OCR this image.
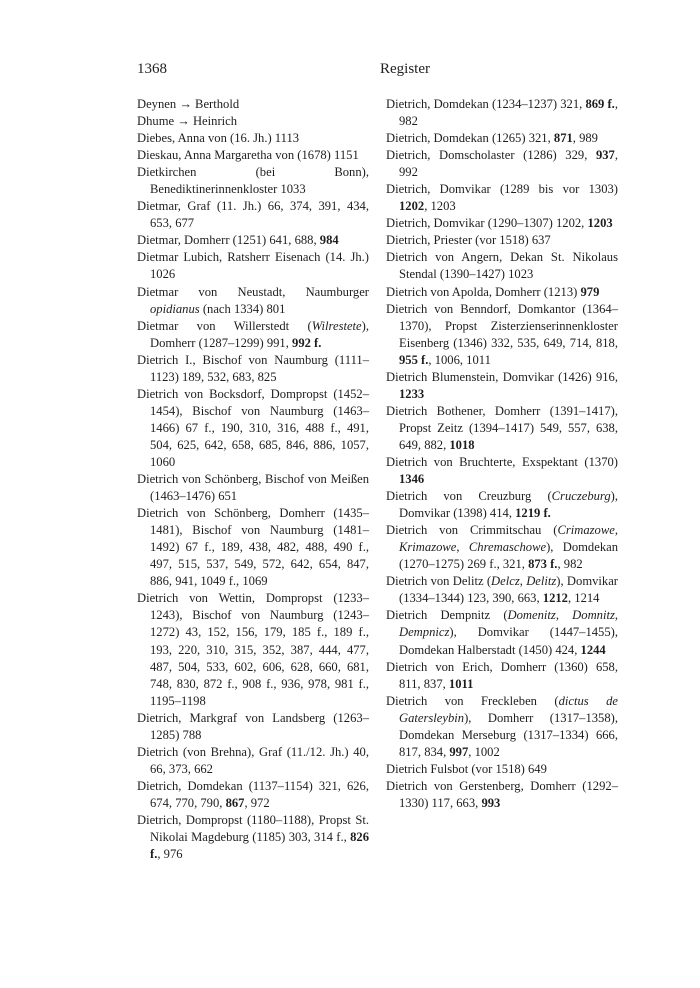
1368	Register

Deynen → Berthold

Dhume → Heinrich

Diebes, Anna von (16. Jh.) 1113

Dieskau, Anna Margaretha von (1678) 1151

Dietkirchen (bei Bonn), Benediktinerinnenkloster 1033

Dietmar, Graf (11. Jh.) 66, 374, 391, 434, 653, 677

Dietmar, Domherr (1251) 641, 688, 984

Dietmar Lubich, Ratsherr Eisenach (14. Jh.) 1026

Dietmar von Neustadt, Naumburger opidianus (nach 1334) 801

Dietmar von Willerstedt (Wilrestete), Domherr (1287–1299) 991, 992 f.

Dietrich I., Bischof von Naumburg (1111–1123) 189, 532, 683, 825

Dietrich von Bocksdorf, Dompropst (1452–1454), Bischof von Naumburg (1463–1466) 67 f., 190, 310, 316, 488 f., 491, 504, 625, 642, 658, 685, 846, 886, 1057, 1060

Dietrich von Schönberg, Bischof von Meißen (1463–1476) 651

Dietrich von Schönberg, Domherr (1435–1481), Bischof von Naumburg (1481–1492) 67 f., 189, 438, 482, 488, 490 f., 497, 515, 537, 549, 572, 642, 654, 847, 886, 941, 1049 f., 1069

Dietrich von Wettin, Dompropst (1233–1243), Bischof von Naumburg (1243–1272) 43, 152, 156, 179, 185 f., 189 f., 193, 220, 310, 315, 352, 387, 444, 477, 487, 504, 533, 602, 606, 628, 660, 681, 748, 830, 872 f., 908 f., 936, 978, 981 f., 1195–1198

Dietrich, Markgraf von Landsberg (1263–1285) 788

Dietrich (von Brehna), Graf (11./12. Jh.) 40, 66, 373, 662

Dietrich, Domdekan (1137–1154) 321, 626, 674, 770, 790, 867, 972

Dietrich, Dompropst (1180–1188), Propst St. Nikolai Magdeburg (1185) 303, 314 f., 826 f., 976

Dietrich, Domdekan (1234–1237) 321, 869 f., 982

Dietrich, Domdekan (1265) 321, 871, 989

Dietrich, Domscholaster (1286) 329, 937, 992

Dietrich, Domvikar (1289 bis vor 1303) 1202, 1203

Dietrich, Domvikar (1290–1307) 1202, 1203

Dietrich, Priester (vor 1518) 637

Dietrich von Angern, Dekan St. Nikolaus Stendal (1390–1427) 1023

Dietrich von Apolda, Domherr (1213) 979

Dietrich von Benndorf, Domkantor (1364–1370), Propst Zisterzienserinnenkloster Eisenberg (1346) 332, 535, 649, 714, 818, 955 f., 1006, 1011

Dietrich Blumenstein, Domvikar (1426) 916, 1233

Dietrich Bothener, Domherr (1391–1417), Propst Zeitz (1394–1417) 549, 557, 638, 649, 882, 1018

Dietrich von Bruchterte, Exspektant (1370) 1346

Dietrich von Creuzburg (Cruczeburg), Domvikar (1398) 414, 1219 f.

Dietrich von Crimmitschau (Crimazowe, Krimazowe, Chremaschowe), Domdekan (1270–1275) 269 f., 321, 873 f., 982

Dietrich von Delitz (Delcz, Delitz), Domvikar (1334–1344) 123, 390, 663, 1212, 1214

Dietrich Dempnitz (Domenitz, Domnitz, Dempnicz), Domvikar (1447–1455), Domdekan Halberstadt (1450) 424, 1244

Dietrich von Erich, Domherr (1360) 658, 811, 837, 1011

Dietrich von Freckleben (dictus de Gatersleybin), Domherr (1317–1358), Domdekan Merseburg (1317–1334) 666, 817, 834, 997, 1002

Dietrich Fulsbot (vor 1518) 649

Dietrich von Gerstenberg, Domherr (1292–1330) 117, 663, 993
